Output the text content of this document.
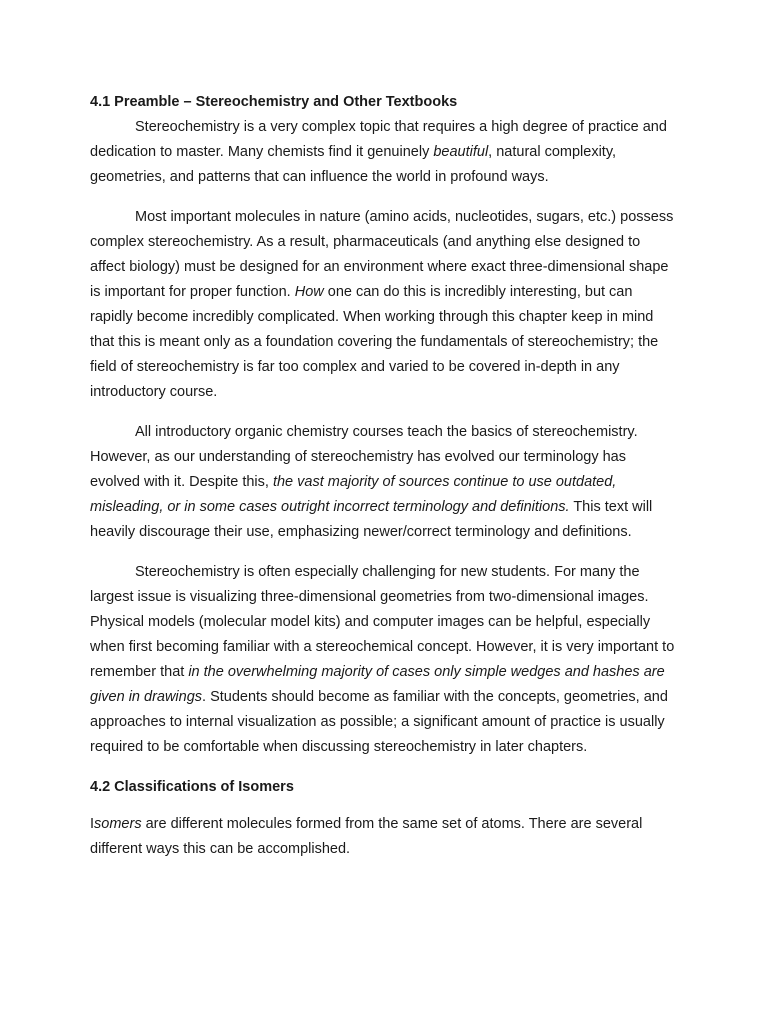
4.1 Preamble – Stereochemistry and Other Textbooks

Stereochemistry is a very complex topic that requires a high degree of practice and dedication to master. Many chemists find it genuinely beautiful, natural complexity, geometries, and patterns that can influence the world in profound ways.

Most important molecules in nature (amino acids, nucleotides, sugars, etc.) possess complex stereochemistry. As a result, pharmaceuticals (and anything else designed to affect biology) must be designed for an environment where exact three-dimensional shape is important for proper function. How one can do this is incredibly interesting, but can rapidly become incredibly complicated. When working through this chapter keep in mind that this is meant only as a foundation covering the fundamentals of stereochemistry; the field of stereochemistry is far too complex and varied to be covered in-depth in any introductory course.

All introductory organic chemistry courses teach the basics of stereochemistry. However, as our understanding of stereochemistry has evolved our terminology has evolved with it. Despite this, the vast majority of sources continue to use outdated, misleading, or in some cases outright incorrect terminology and definitions. This text will heavily discourage their use, emphasizing newer/correct terminology and definitions.

Stereochemistry is often especially challenging for new students. For many the largest issue is visualizing three-dimensional geometries from two-dimensional images. Physical models (molecular model kits) and computer images can be helpful, especially when first becoming familiar with a stereochemical concept. However, it is very important to remember that in the overwhelming majority of cases only simple wedges and hashes are given in drawings. Students should become as familiar with the concepts, geometries, and approaches to internal visualization as possible; a significant amount of practice is usually required to be comfortable when discussing stereochemistry in later chapters.

4.2 Classifications of Isomers

Isomers are different molecules formed from the same set of atoms. There are several different ways this can be accomplished.
